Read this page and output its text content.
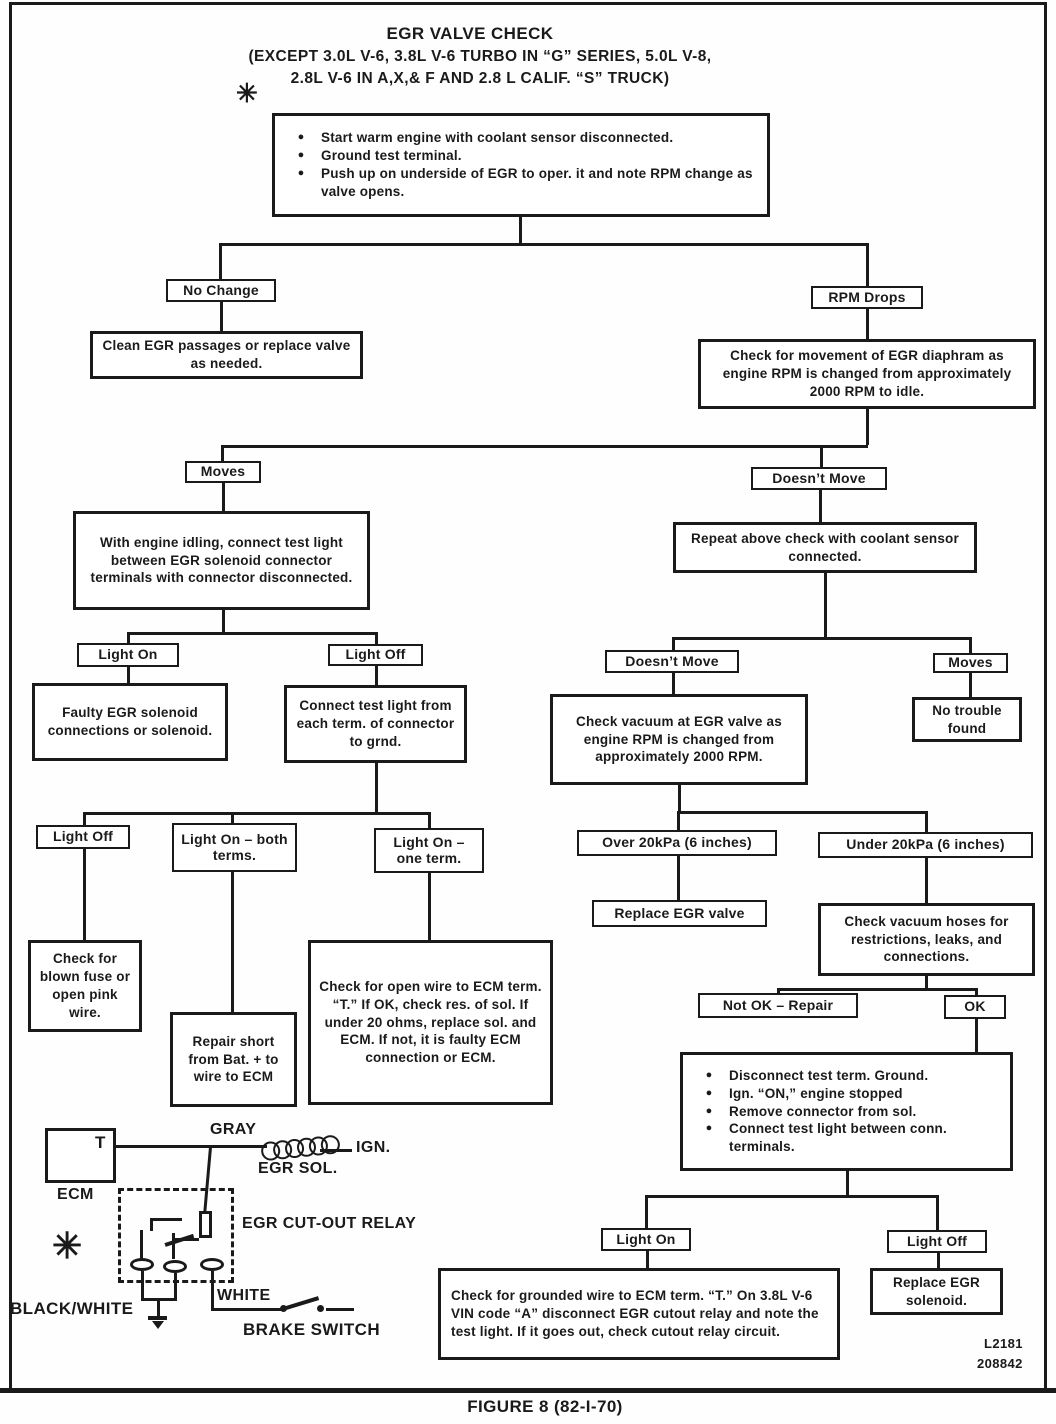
EGR VALVE CHECK
(EXCEPT 3.0L V-6, 3.8L V-6 TURBO IN “G” SERIES, 5.0L V-8,
2.8L V-6 IN A,X,& F AND 2.8 L CALIF. “S” TRUCK)
✳
●	Start warm engine with coolant sensor disconnected.
●	Ground test terminal.
●	Push up on underside of EGR to oper. it and note RPM change as valve opens.
No Change
Clean EGR passages or replace valve as needed.
RPM Drops
Check for movement of EGR diaphram as engine RPM is changed from approximately 2000 RPM to idle.
Moves
With engine idling, connect test light between EGR solenoid connector terminals with connector disconnected.
Light On
Faulty EGR solenoid connections or solenoid.
Light Off
Connect test light from each term. of connector to grnd.
Light Off	Light On – both terms.
Light On – one term.
Check for blown fuse or open pink wire.
Repair short from Bat. + to wire to ECM
Check for open wire to ECM term. “T.” If OK, check res. of sol. If under 20 ohms, replace sol. and ECM. If not, it is faulty ECM connection or ECM.
Doesn’t Move
Repeat above check with coolant sensor connected.
Doesn’t Move
Check vacuum at EGR valve as engine RPM is changed from approximately 2000 RPM.
Moves
No trouble found
Over 20kPa (6 inches)	Under 20kPa (6 inches)
Replace EGR valve
Check vacuum hoses for restrictions, leaks, and connections.
Not OK – Repair	OK
●	Disconnect test term. Ground.
●	Ign. “ON,” engine stopped
●	Remove connector from sol.
●	Connect test light between conn. terminals.
Light On	Light Off
Check for grounded wire to ECM term. “T.” On 3.8L V-6 VIN code “A” disconnect EGR cutout relay and note the test light. If it goes out, check cutout relay circuit.
Replace EGR solenoid.
T
ECM
GRAY
IGN.
EGR SOL.
EGR CUT-OUT RELAY
BLACK/WHITE
WHITE
BRAKE SWITCH
✳
L2181
208842
FIGURE 8 (82-I-70)
